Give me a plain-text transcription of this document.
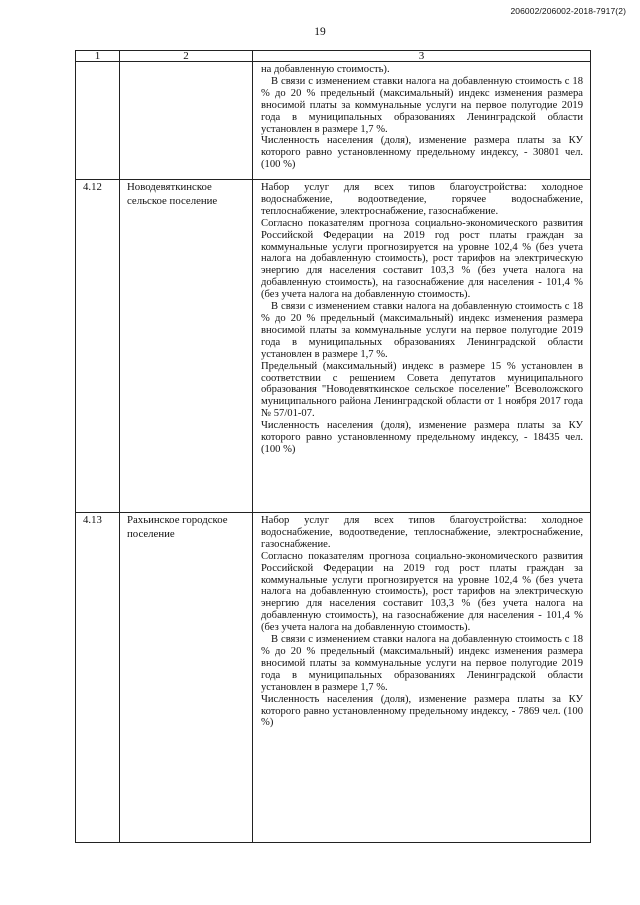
206002/206002-2018-7917(2)
19
1	2	3

		на добавленную стоимость).

В связи с изменением ставки налога на добавленную стоимость с 18 % до 20 % предельный (максимальный) индекс изменения размера вносимой платы за коммунальные услуги на первое полугодие 2019 года в муниципальных образованиях Ленинградской области установлен в размере 1,7 %.

Численность населения (доля), изменение размера платы за КУ которого равно установленному предельному индексу, - 30801 чел. (100 %)

4.12	Новодевяткинское сельское поселение	Набор услуг для всех типов благоустройства: холодное водоснабжение, водоотведение, горячее водоснабжение, теплоснабжение, электроснабжение, газоснабжение.

Согласно показателям прогноза социально-экономического развития Российской Федерации на 2019 год рост платы граждан за коммунальные услуги прогнозируется на уровне 102,4 % (без учета налога на добавленную стоимость), рост тарифов на электрическую энергию для населения составит 103,3 % (без учета налога на добавленную стоимость), на газоснабжение для населения - 101,4 % (без учета налога на добавленную стоимость).

В связи с изменением ставки налога на добавленную стоимость с 18 % до 20 % предельный (максимальный) индекс изменения размера вносимой платы за коммунальные услуги на первое полугодие 2019 года в муниципальных образованиях Ленинградской области установлен в размере 1,7 %.

Предельный (максимальный) индекс в размере 15 % установлен в соответствии с решением Совета депутатов муниципального образования "Новодевяткинское сельское поселение" Всеволожского муниципального района Ленинградской области от 1 ноября 2017 года № 57/01-07.

Численность населения (доля), изменение размера платы за КУ которого равно установленному предельному индексу, - 18435 чел. (100 %)

4.13	Рахьинское городское поселение	Набор услуг для всех типов благоустройства: холодное водоснабжение, водоотведение, теплоснабжение, электроснабжение, газоснабжение.

Согласно показателям прогноза социально-экономического развития Российской Федерации на 2019 год рост платы граждан за коммунальные услуги прогнозируется на уровне 102,4 % (без учета налога на добавленную стоимость), рост тарифов на электрическую энергию для населения составит 103,3 % (без учета налога на добавленную стоимость), на газоснабжение для населения - 101,4 % (без учета налога на добавленную стоимость).

В связи с изменением ставки налога на добавленную стоимость с 18 % до 20 % предельный (максимальный) индекс изменения размера вносимой платы за коммунальные услуги на первое полугодие 2019 года в муниципальных образованиях Ленинградской области установлен в размере 1,7 %.

Численность населения (доля), изменение размера платы за КУ которого равно установленному предельному индексу, - 7869 чел. (100 %)
